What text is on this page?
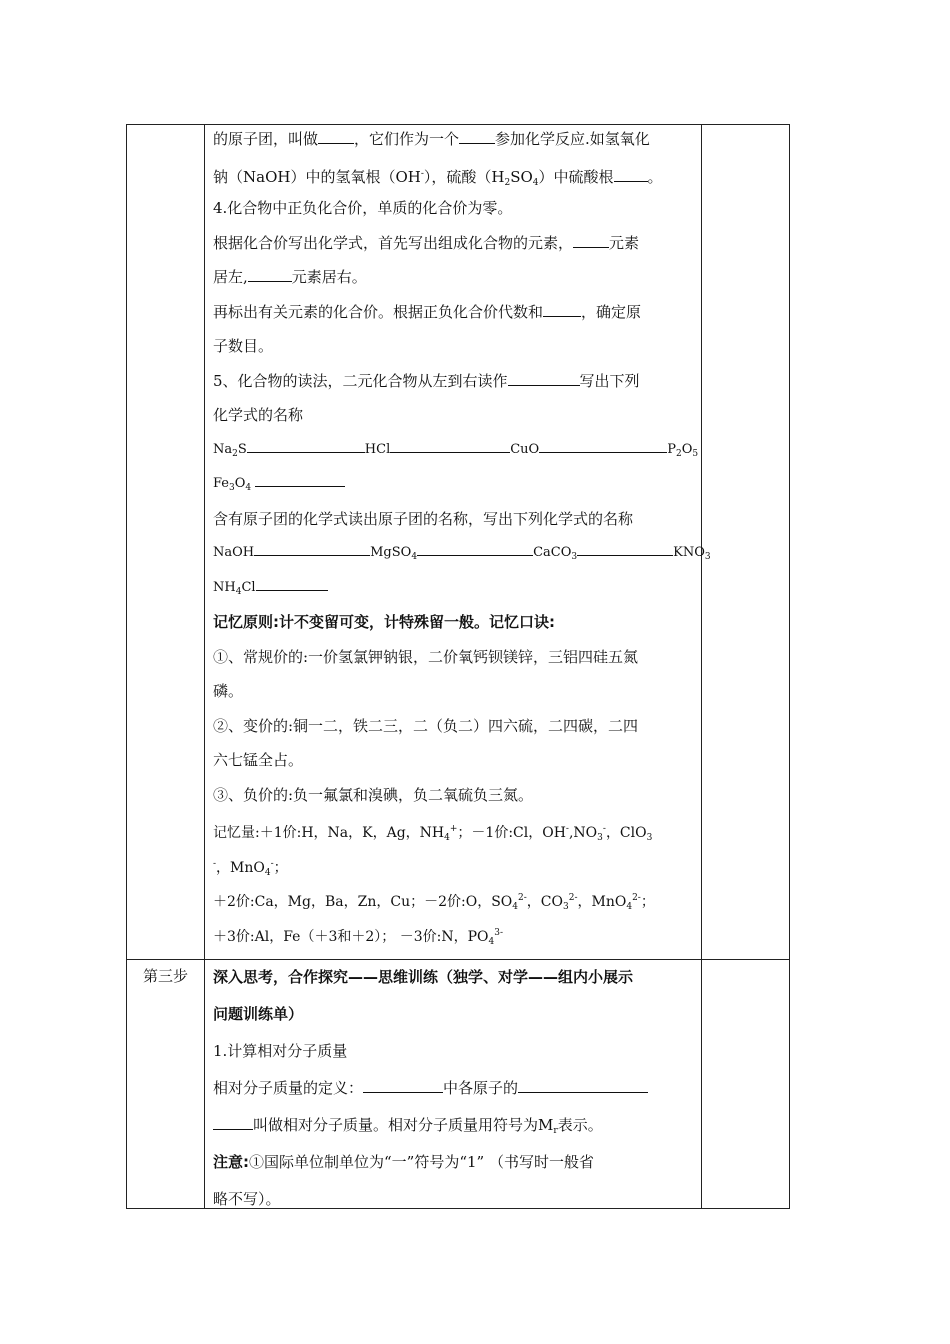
的原子团，叫做 ，它们作为一个 参加化学反应.如氢氧化
钠（NaOH）中的氢氧根（OH-），硫酸$(H_2SO_4)$中硫酸根 。
4.化合物中正负化合价，单质的化合价为零。
根据化合价写出化学式，首先写出组成化合物的元素， 元素
居左,	元素居右。
再标出有关元素的化合价。根据正负化合价代数和	，确定原
子数目。
5、化合物的读法，二元化合物从左到右读作	写出下列
化学式的名称
$Na_2S$	HCl	CuO	$P_2O_5$
$Fe_3O_4$
含有原子团的化学式读出原子团的名称，写出下列化学式的名称
NaOH	MgSO$_4$	CaCO$_3$	$KNO_3$
$NH_4Cl$
记忆原则:计不变留可变，计特殊留一般。记忆口诀:
①、常规价的:一价氢氯钾钠银，二价氧钙钡镁锌，三铝四硅五氮
磷。
②、变价的:铜一二，铁二三，二（负二）四六硫，二四碳，二四
六七锰全占。
③、负价的:负一氟氯和溴碘，负二氧硫负三氮。
记忆量:＋1价:H，Na，K，Ag，$NH_4^+$；－1价:Cl，$OH^-,NO_3^-$，ClO$_3$
-，MnO$_4$-；
＋2价:Ca，Mg，Ba，Zn，Cu；－2价:O，$SO_4^{2-}$，$CO_3^{2-}$，MnO$_4^{2-}$；
＋3价:Al，Fe（＋3和＋2）； －3价:N，$PO_4^{3-}$
第三步	深入思考，合作探究——思维训练（独学、对学——组内小展示
问题训练单）
1.计算相对分子质量
相对分子质量的定义：	中各原子的
叫做相对分子质量。相对分子质量用符号为$M_r$表示。
注意:①国际单位制单位为“一”符号为“1” （书写时一般省
略不写）。
